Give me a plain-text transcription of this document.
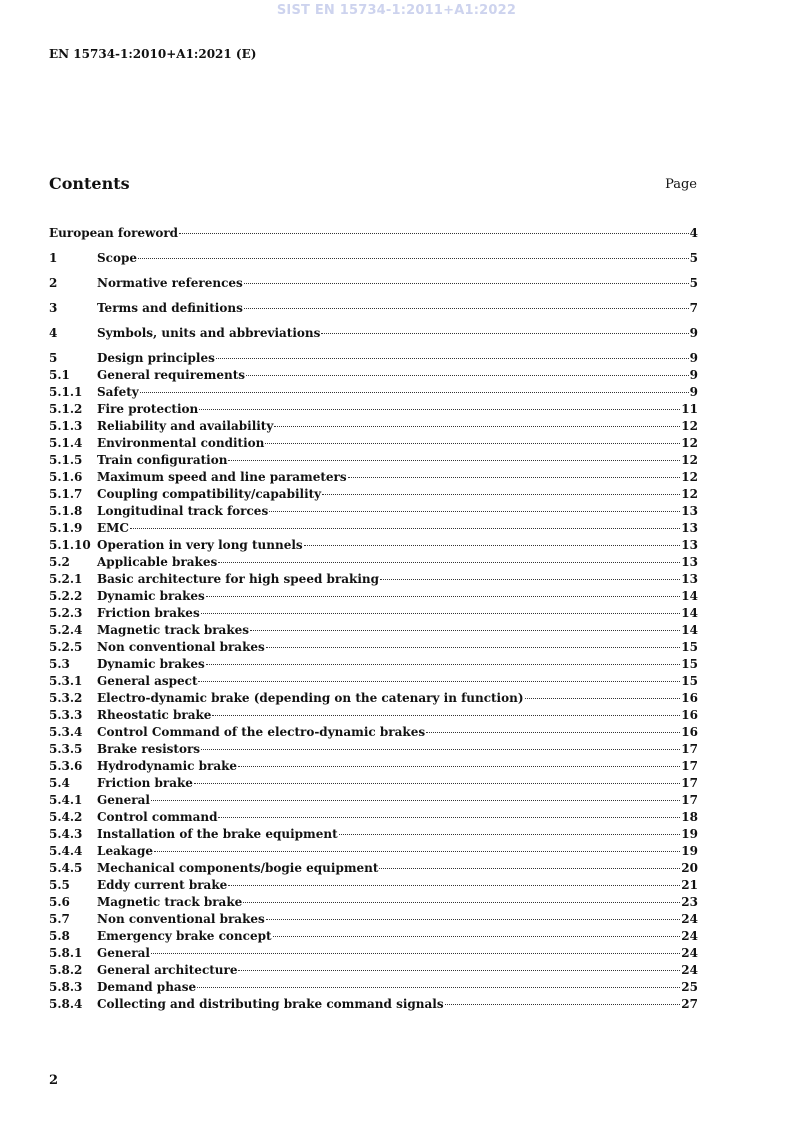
SIST EN 15734-1:2011+A1:2022
EN 15734-1:2010+A1:2021 (E)
Contents	Page
European foreword	4
1	Scope	5
2	Normative references	5
3	Terms and definitions	7
4	Symbols, units and abbreviations	9
5	Design principles	9
5.1	General requirements	9
5.1.1	Safety	9
5.1.2	Fire protection	11
5.1.3	Reliability and availability	12
5.1.4	Environmental condition	12
5.1.5	Train configuration	12
5.1.6	Maximum speed and line parameters	12
5.1.7	Coupling compatibility/capability	12
5.1.8	Longitudinal track forces	13
5.1.9	EMC	13
5.1.10 Operation in very long tunnels	13
5.2	Applicable brakes	13
5.2.1	Basic architecture for high speed braking	13
5.2.2	Dynamic brakes	14
5.2.3	Friction brakes	14
5.2.4	Magnetic track brakes	14
5.2.5	Non conventional brakes	15
5.3	Dynamic brakes	15
5.3.1	General aspect	15
5.3.2	Electro-dynamic brake (depending on the catenary in function)	16
5.3.3	Rheostatic brake	16
5.3.4	Control Command of the electro-dynamic brakes	16
5.3.5	Brake resistors	17
5.3.6	Hydrodynamic brake	17
5.4	Friction brake	17
5.4.1	General	17
5.4.2	Control command	18
5.4.3	Installation of the brake equipment	19
5.4.4	Leakage	19
5.4.5	Mechanical components/bogie equipment	20
5.5	Eddy current brake	21
5.6	Magnetic track brake	23
5.7	Non conventional brakes	24
5.8	Emergency brake concept	24
5.8.1	General	24
5.8.2	General architecture	24
5.8.3	Demand phase	25
5.8.4	Collecting and distributing brake command signals	27
2
